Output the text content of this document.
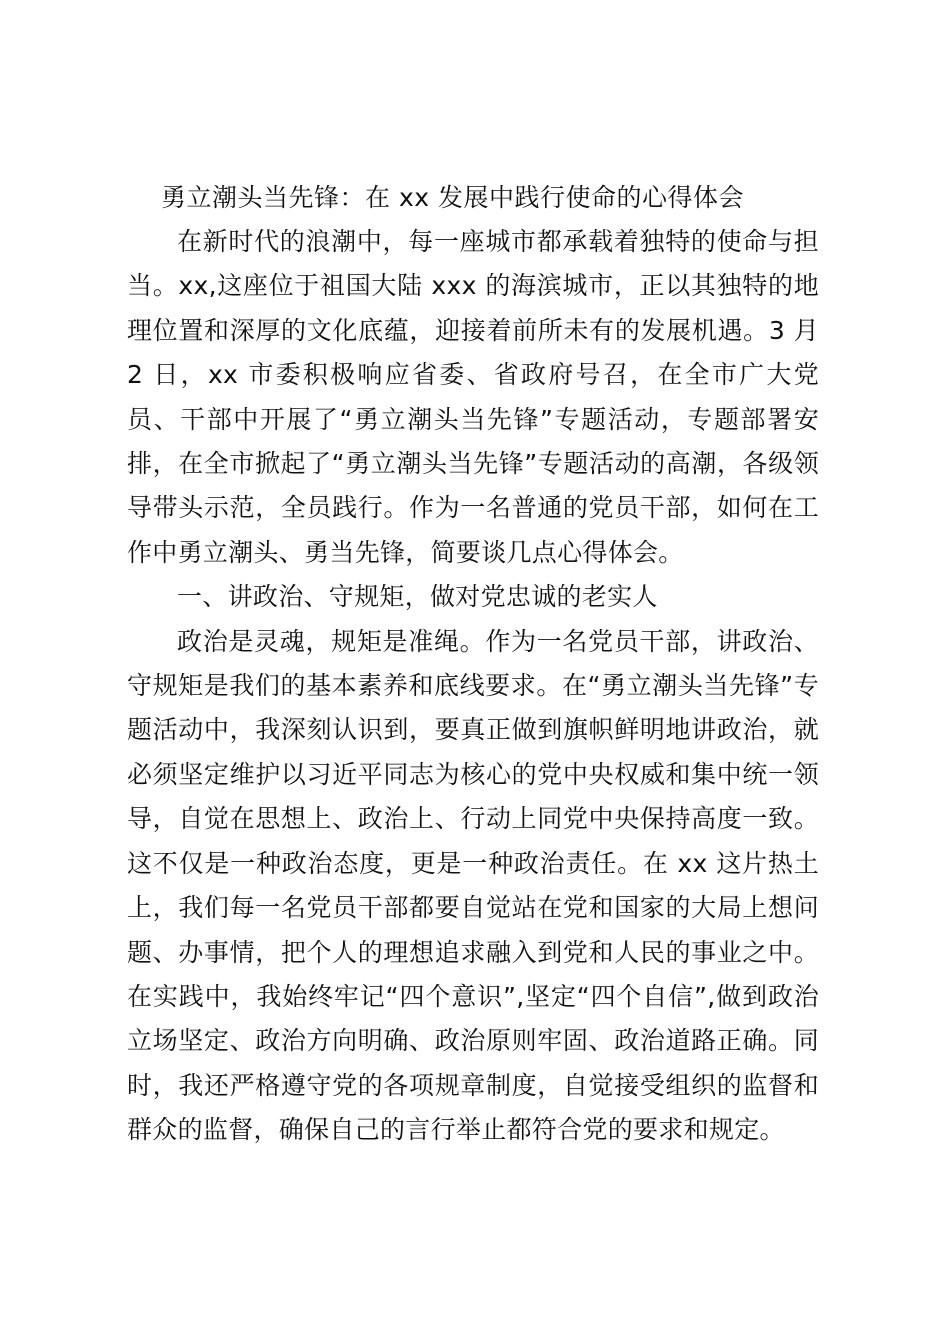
勇立潮头当先锋：在 xx 发展中践行使命的心得体会

在新时代的浪潮中，每一座城市都承载着独特的使命与担当。xx,这座位于祖国大陆 xxx 的海滨城市，正以其独特的地理位置和深厚的文化底蕴，迎接着前所未有的发展机遇。3 月 2 日，xx 市委积极响应省委、省政府号召，在全市广大党员、干部中开展了“勇立潮头当先锋”专题活动，专题部署安排，在全市掀起了“勇立潮头当先锋”专题活动的高潮，各级领导带头示范，全员践行。作为一名普通的党员干部，如何在工作中勇立潮头、勇当先锋，简要谈几点心得体会。

一、讲政治、守规矩，做对党忠诚的老实人

政治是灵魂，规矩是准绳。作为一名党员干部，讲政治、守规矩是我们的基本素养和底线要求。在“勇立潮头当先锋”专题活动中，我深刻认识到，要真正做到旗帜鲜明地讲政治，就必须坚定维护以习近平同志为核心的党中央权威和集中统一领导，自觉在思想上、政治上、行动上同党中央保持高度一致。这不仅是一种政治态度，更是一种政治责任。在 xx 这片热土上，我们每一名党员干部都要自觉站在党和国家的大局上想问题、办事情，把个人的理想追求融入到党和人民的事业之中。在实践中，我始终牢记“四个意识”,坚定“四个自信”,做到政治立场坚定、政治方向明确、政治原则牢固、政治道路正确。同时，我还严格遵守党的各项规章制度，自觉接受组织的监督和群众的监督，确保自己的言行举止都符合党的要求和规定。
